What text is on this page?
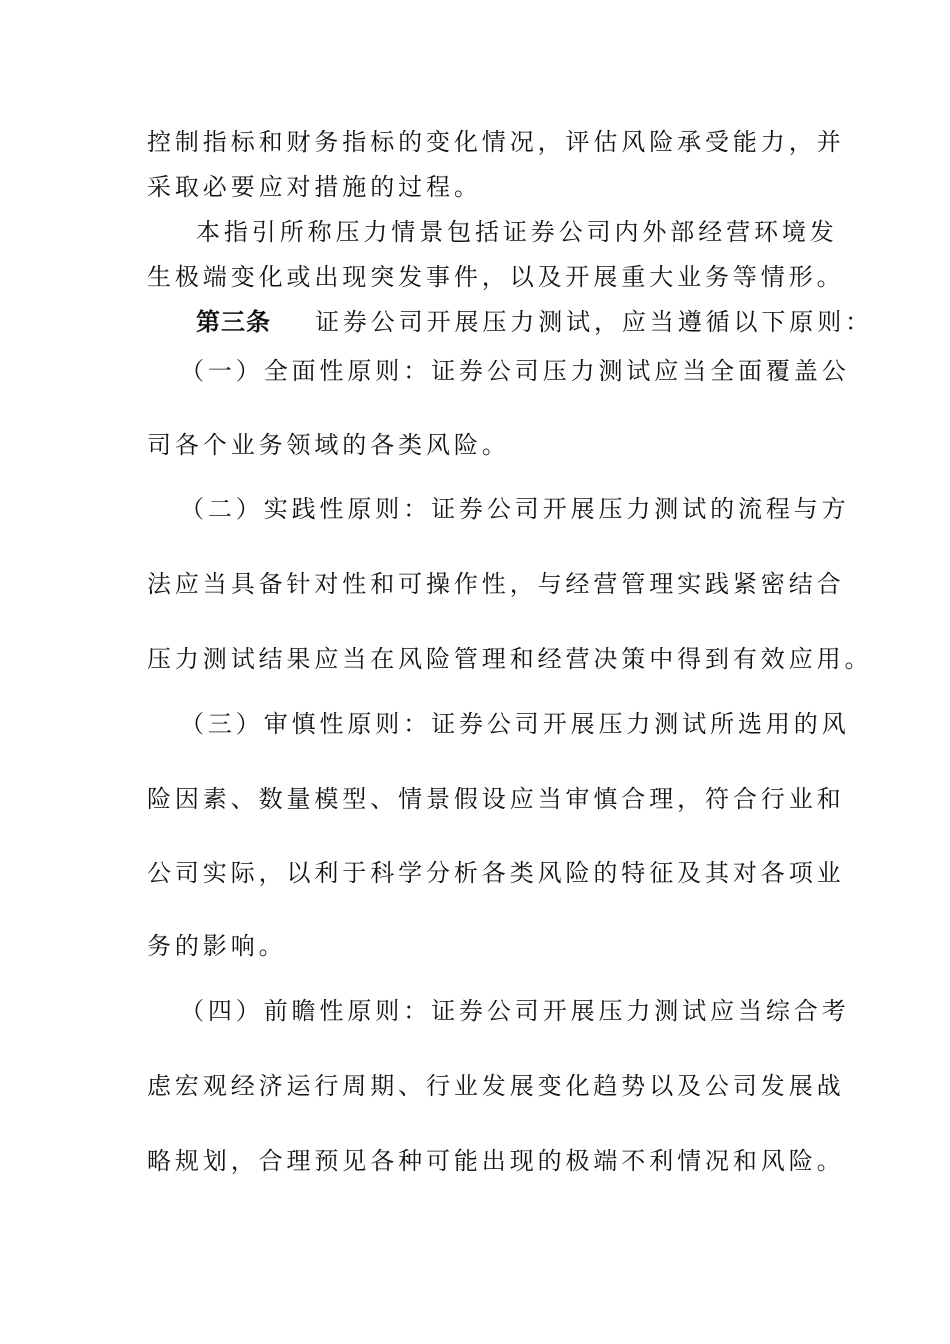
控制指标和财务指标的变化情况，评估风险承受能力，并
采取必要应对措施的过程。
本指引所称压力情景包括证券公司内外部经营环境发
生极端变化或出现突发事件，以及开展重大业务等情形。
第三条 证券公司开展压力测试，应当遵循以下原则：
（一）全面性原则：证券公司压力测试应当全面覆盖公
司各个业务领域的各类风险。
（二）实践性原则：证券公司开展压力测试的流程与方
法应当具备针对性和可操作性，与经营管理实践紧密结合
压力测试结果应当在风险管理和经营决策中得到有效应用。
（三）审慎性原则：证券公司开展压力测试所选用的风
险因素、数量模型、情景假设应当审慎合理，符合行业和
公司实际，以利于科学分析各类风险的特征及其对各项业
务的影响。
（四）前瞻性原则：证券公司开展压力测试应当综合考
虑宏观经济运行周期、行业发展变化趋势以及公司发展战
略规划，合理预见各种可能出现的极端不利情况和风险。
